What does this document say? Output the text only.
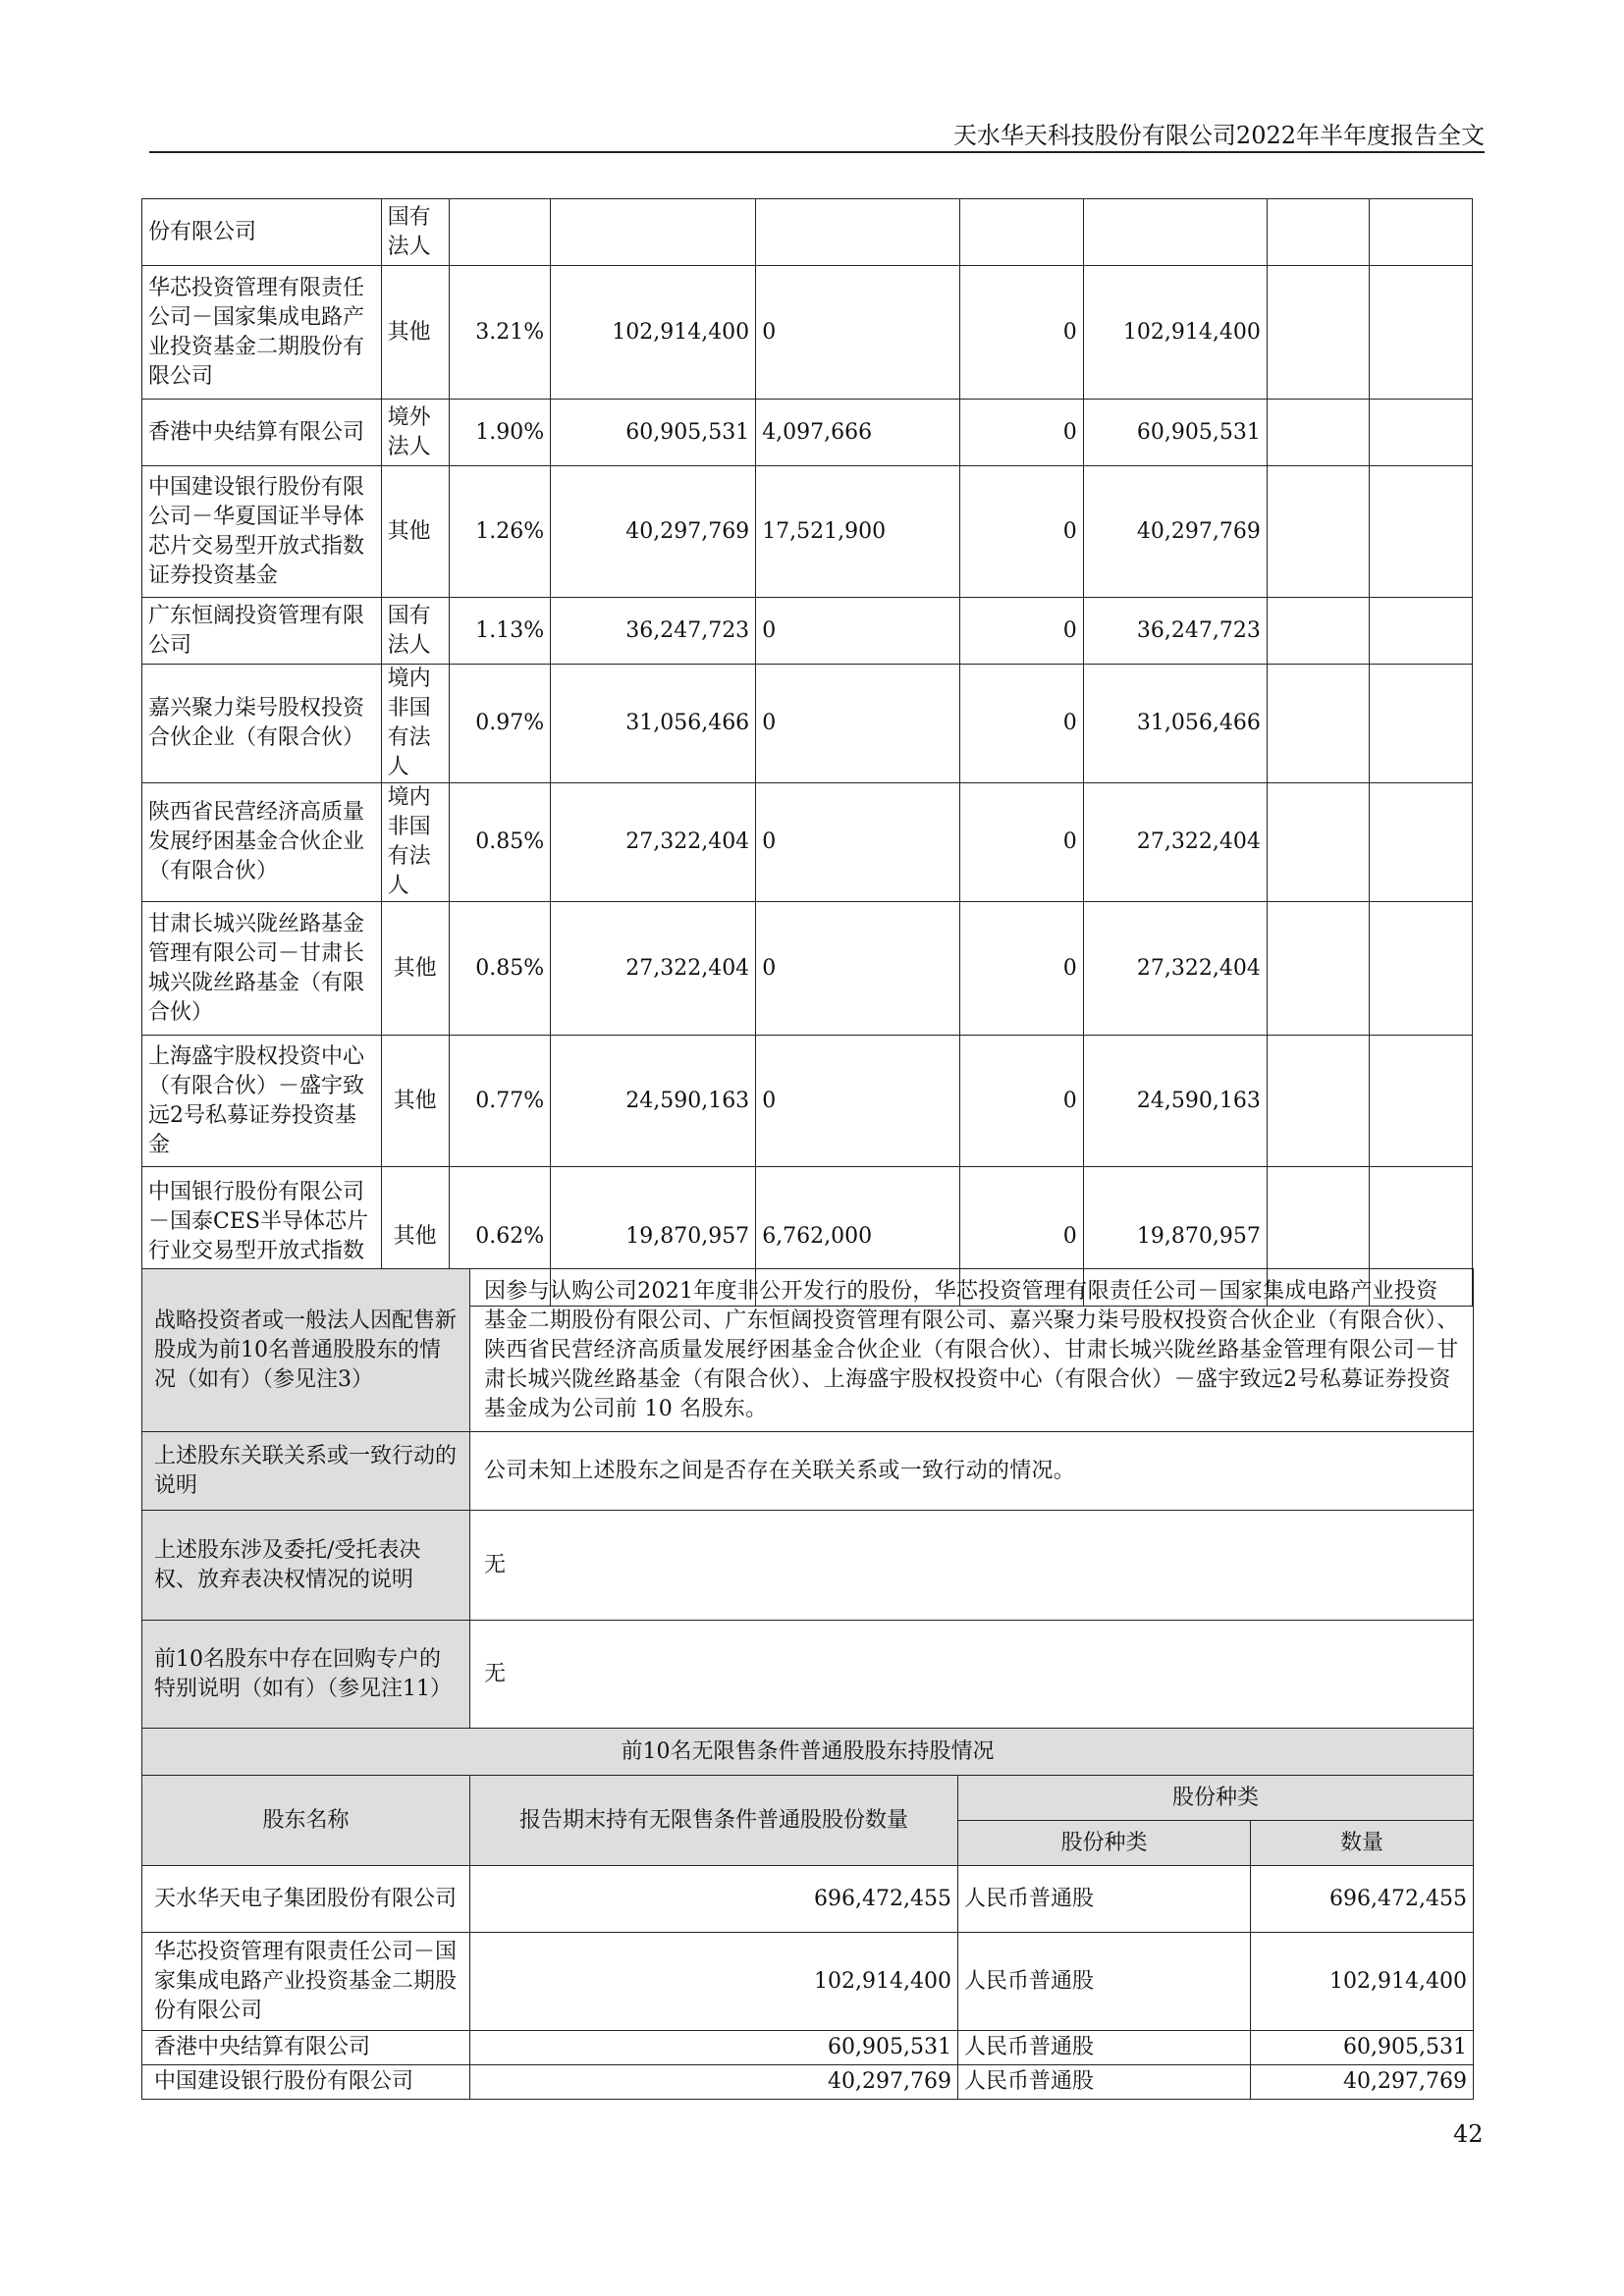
天水华天科技股份有限公司2022年半年度报告全文
份有限公司	国有法人							
华芯投资管理有限责任公司－国家集成电路产业投资基金二期股份有限公司	其他	3.21%	102,914,400	0	0	102,914,400		
香港中央结算有限公司	境外法人	1.90%	60,905,531	4,097,666	0	60,905,531		
中国建设银行股份有限公司－华夏国证半导体芯片交易型开放式指数证券投资基金	其他	1.26%	40,297,769	17,521,900	0	40,297,769		
广东恒阔投资管理有限公司	国有法人	1.13%	36,247,723	0	0	36,247,723		
嘉兴聚力柒号股权投资合伙企业（有限合伙）	境内非国有法人	0.97%	31,056,466	0	0	31,056,466		
陕西省民营经济高质量发展纾困基金合伙企业（有限合伙）	境内非国有法人	0.85%	27,322,404	0	0	27,322,404		
甘肃长城兴陇丝路基金管理有限公司－甘肃长城兴陇丝路基金（有限合伙）	其他	0.85%	27,322,404	0	0	27,322,404		
上海盛宇股权投资中心（有限合伙）－盛宇致远2号私募证券投资基金	其他	0.77%	24,590,163	0	0	24,590,163		
中国银行股份有限公司－国泰CES半导体芯片行业交易型开放式指数	其他	0.62%	19,870,957	6,762,000	0	19,870,957		
战略投资者或一般法人因配售新股成为前10名普通股股东的情况（如有）（参见注3）	因参与认购公司2021年度非公开发行的股份，华芯投资管理有限责任公司－国家集成电路产业投资基金二期股份有限公司、广东恒阔投资管理有限公司、嘉兴聚力柒号股权投资合伙企业（有限合伙）、陕西省民营经济高质量发展纾困基金合伙企业（有限合伙）、甘肃长城兴陇丝路基金管理有限公司－甘肃长城兴陇丝路基金（有限合伙）、上海盛宇股权投资中心（有限合伙）－盛宇致远2号私募证券投资基金成为公司前 10 名股东。
上述股东关联关系或一致行动的说明	公司未知上述股东之间是否存在关联关系或一致行动的情况。
上述股东涉及委托/受托表决权、放弃表决权情况的说明	无
前10名股东中存在回购专户的特别说明（如有）（参见注11）	无
前10名无限售条件普通股股东持股情况			
股东名称	报告期末持有无限售条件普通股股份数量	股份种类	
		股份种类	数量
天水华天电子集团股份有限公司	696,472,455	人民币普通股	696,472,455
华芯投资管理有限责任公司－国家集成电路产业投资基金二期股份有限公司	102,914,400	人民币普通股	102,914,400
香港中央结算有限公司	60,905,531	人民币普通股	60,905,531
中国建设银行股份有限公司	40,297,769	人民币普通股	40,297,769
42
